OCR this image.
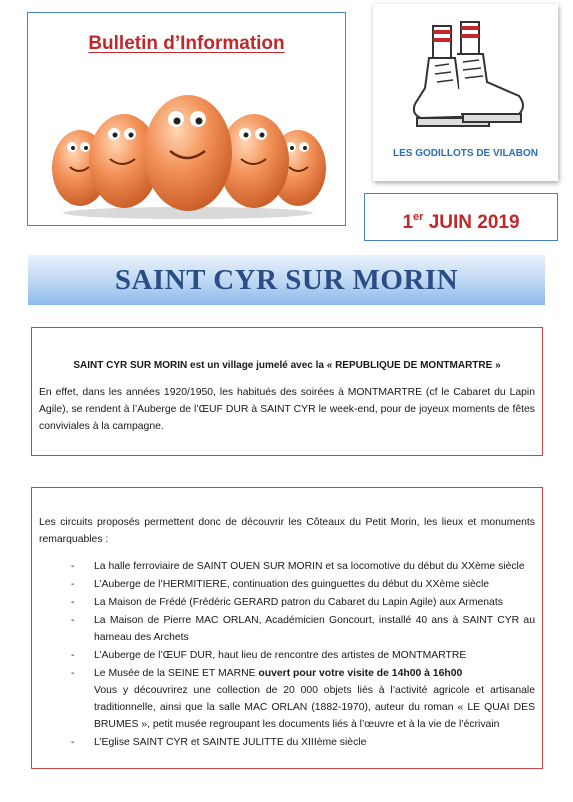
Bulletin d’Information
LES GODILLOTS DE VILABON
1er JUIN 2019
SAINT CYR SUR MORIN
SAINT CYR SUR MORIN est un village jumelé avec la « REPUBLIQUE DE MONTMARTRE »
En effet, dans les années 1920/1950, les habitués des soirées à MONTMARTRE (cf le Cabaret du Lapin Agile), se rendent à l’Auberge de l’ŒUF DUR à SAINT CYR le week-end, pour de joyeux moments de fêtes conviviales à la campagne.
Les circuits proposés permettent donc de découvrir les Côteaux du Petit Morin, les lieux et monuments remarquables :
- La halle ferroviaire de SAINT OUEN SUR MORIN et sa locomotive du début du XXème siècle
- L’Auberge de l’HERMITIERE, continuation des guinguettes du début du XXème siècle
- La Maison de Frédé (Frédéric GERARD patron du Cabaret du Lapin Agile) aux Armenats
- La Maison de Pierre MAC ORLAN, Académicien Goncourt, installé 40 ans à SAINT CYR au hameau des Archets
- L’Auberge de l’ŒUF DUR, haut lieu de rencontre des artistes de MONTMARTRE
- Le Musée de la SEINE ET MARNE ouvert pour votre visite de 14h00 à 16h00
Vous y découvrirez une collection de 20 000 objets liés à l’activité agricole et artisanale traditionnelle, ainsi que la salle MAC ORLAN (1882-1970), auteur du roman « LE QUAI DES BRUMES », petit musée regroupant les documents liés à l’œuvre et à la vie de l’écrivain
- L’Eglise SAINT CYR et SAINTE JULITTE du XIIIème siècle
